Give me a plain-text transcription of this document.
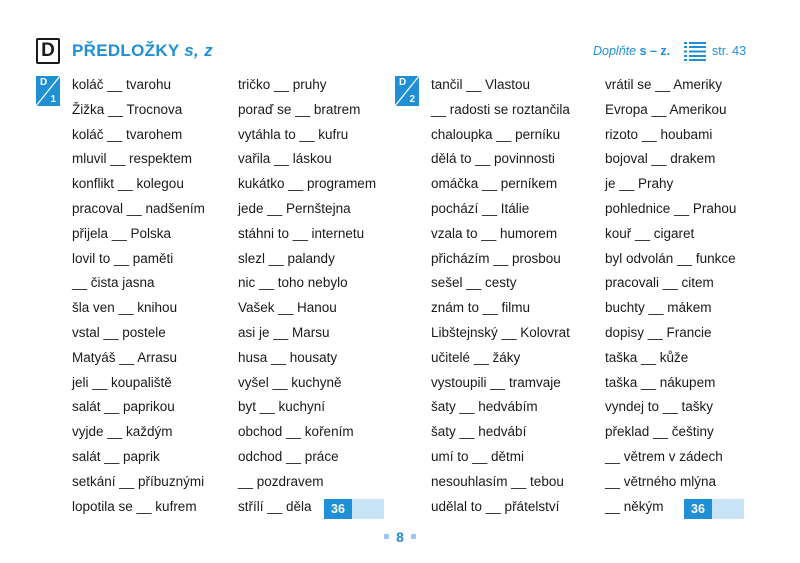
D	PŘEDLOŽKY s, z	Doplňte s – z.	str. 43
D
1
koláč __ tvarohu
Žižka __ Trocnova
koláč __ tvarohem
mluvil __ respektem
konflikt __ kolegou
pracoval __ nadšením
přijela __ Polska
lovil to __ paměti
__ čista jasna
šla ven __ knihou
vstal __ postele
Matyáš __ Arrasu
jeli __ koupaliště
salát __ paprikou
vyjde __ každým
salát __ paprik
setkání __ příbuznými
lopotila se __ kufrem
tričko __ pruhy
poraď se __ bratrem
vytáhla to __ kufru
vařila __ láskou
kukátko __ programem
jede __ Pernštejna
stáhni to __ internetu
slezl __ palandy
nic __ toho nebylo
Vašek __ Hanou
asi je __ Marsu
husa __ housaty
vyšel __ kuchyně
byt __ kuchyní
obchod __ kořením
odchod __ práce
__ pozdravem
střílí __ děla	36
D
2
tančil __ Vlastou
__ radosti se roztančila
chaloupka __ perníku
dělá to __ povinnosti
omáčka __ perníkem
pochází __ Itálie
vzala to __ humorem
přicházím __ prosbou
sešel __ cesty
znám to __ filmu
Libštejnský __ Kolovrat
učitelé __ žáky
vystoupili __ tramvaje
šaty __ hedvábím
šaty __ hedvábí
umí to __ dětmi
nesouhlasím __ tebou
udělal to __ přátelství
vrátil se __ Ameriky
Evropa __ Amerikou
rizoto __ houbami
bojoval __ drakem
je __ Prahy
pohlednice __ Prahou
kouř __ cigaret
byl odvolán __ funkce
pracovali __ citem
buchty __ mákem
dopisy __ Francie
taška __ kůže
taška __ nákupem
vyndej to __ tašky
překlad __ češtiny
__ větrem v zádech
__ větrného mlýna
__ někým	36
8
